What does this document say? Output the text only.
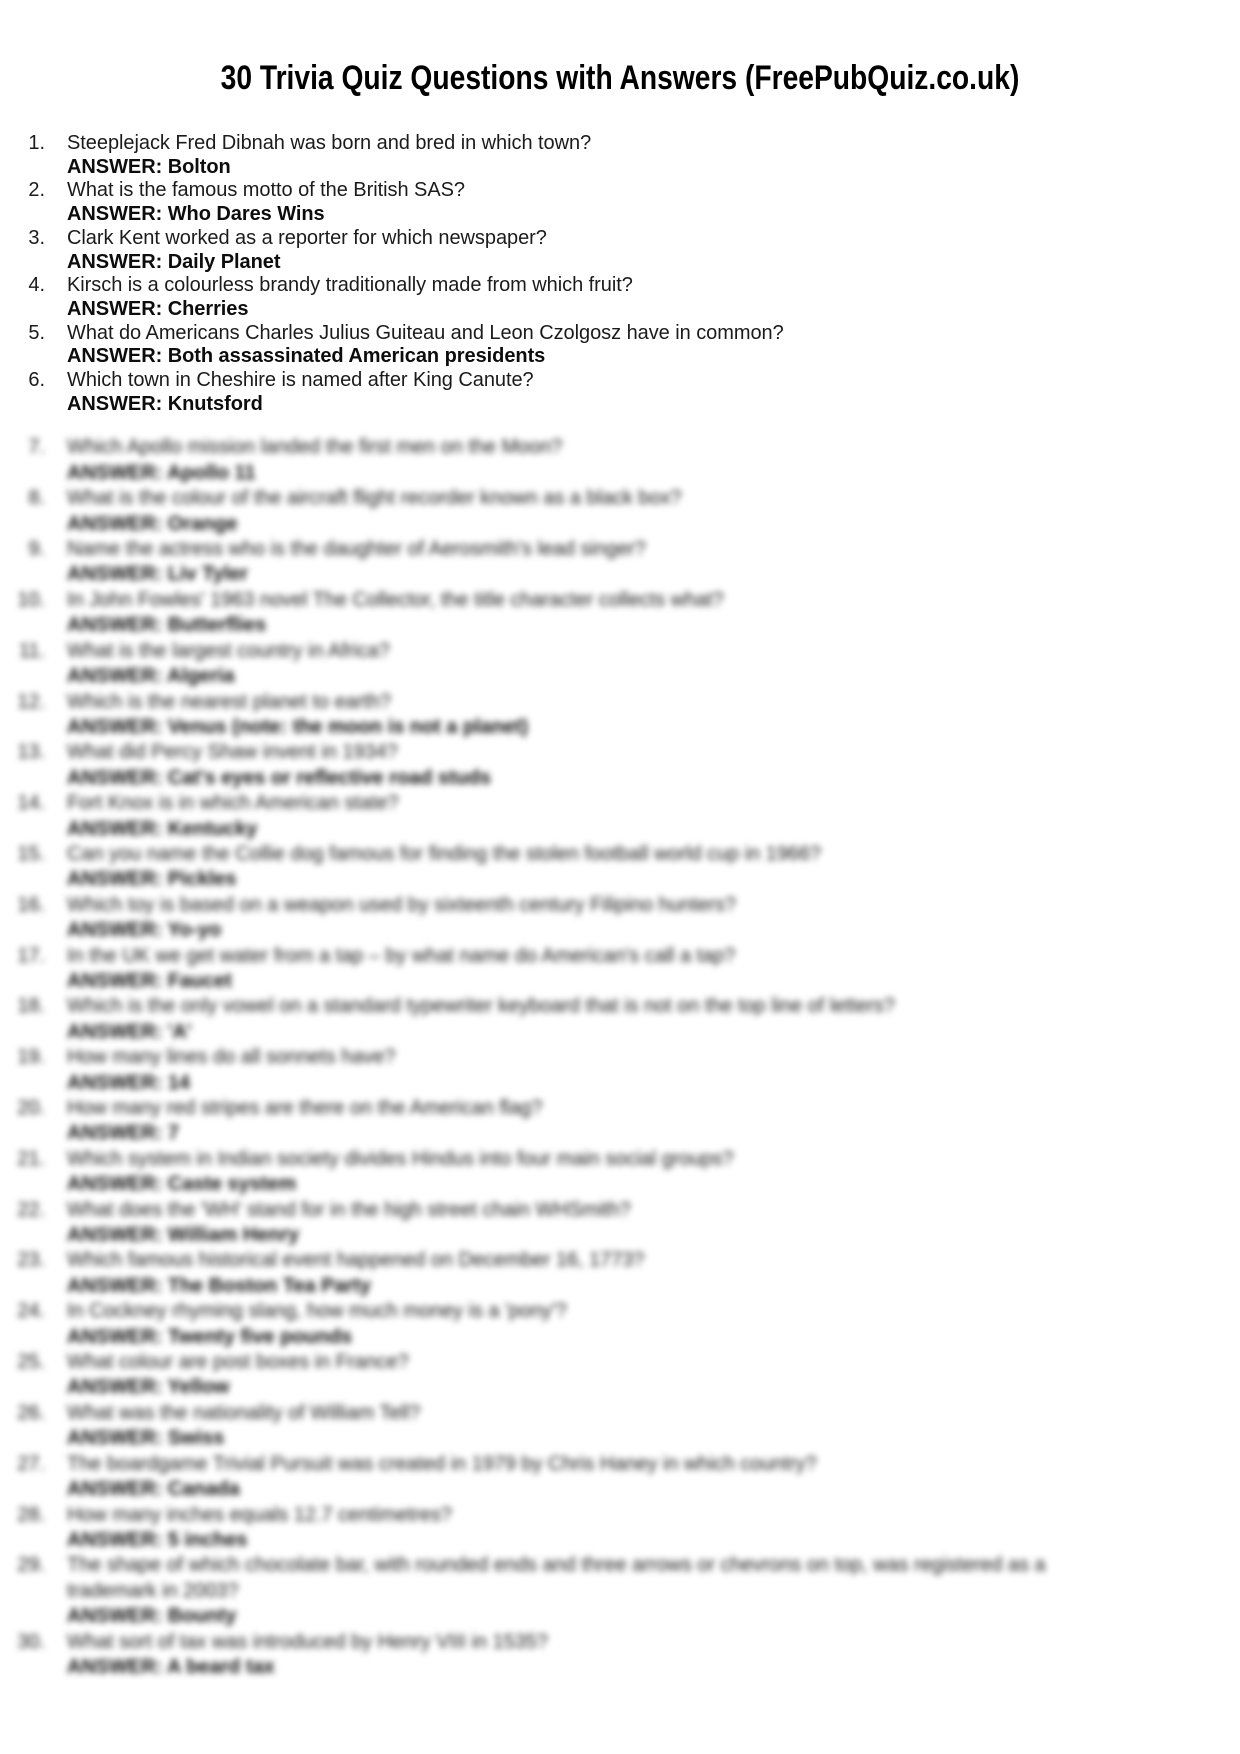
30 Trivia Quiz Questions with Answers (FreePubQuiz.co.uk)
1. Steeplejack Fred Dibnah was born and bred in which town?
ANSWER: Bolton
2. What is the famous motto of the British SAS?
ANSWER: Who Dares Wins
3. Clark Kent worked as a reporter for which newspaper?
ANSWER: Daily Planet
4. Kirsch is a colourless brandy traditionally made from which fruit?
ANSWER: Cherries
5. What do Americans Charles Julius Guiteau and Leon Czolgosz have in common?
ANSWER: Both assassinated American presidents
6. Which town in Cheshire is named after King Canute?
ANSWER: Knutsford
7. Which Apollo mission landed the first men on the Moon?
ANSWER: Apollo 11
8. What is the colour of the aircraft flight recorder known as a black box?
ANSWER: Orange
9. Name the actress who is the daughter of Aerosmith's lead singer?
ANSWER: Liv Tyler
10. In John Fowles' 1963 novel The Collector, the title character collects what?
ANSWER: Butterflies
11. What is the largest country in Africa?
ANSWER: Algeria
12. Which is the nearest planet to earth?
ANSWER: Venus (note: the moon is not a planet)
13. What did Percy Shaw invent in 1934?
ANSWER: Cat's eyes or reflective road studs
14. Fort Knox is in which American state?
ANSWER: Kentucky
15. Can you name the Collie dog famous for finding the stolen football world cup in 1966?
ANSWER: Pickles
16. Which toy is based on a weapon used by sixteenth century Filipino hunters?
ANSWER: Yo-yo
17. In the UK we get water from a tap – by what name do American's call a tap?
ANSWER: Faucet
18. Which is the only vowel on a standard typewriter keyboard that is not on the top line of letters?
ANSWER: 'A'
19. How many lines do all sonnets have?
ANSWER: 14
20. How many red stripes are there on the American flag?
ANSWER: 7
21. Which system in Indian society divides Hindus into four main social groups?
ANSWER: Caste system
22. What does the 'WH' stand for in the high street chain WHSmith?
ANSWER: William Henry
23. Which famous historical event happened on December 16, 1773?
ANSWER: The Boston Tea Party
24. In Cockney rhyming slang, how much money is a 'pony'?
ANSWER: Twenty five pounds
25. What colour are post boxes in France?
ANSWER: Yellow
26. What was the nationality of William Tell?
ANSWER: Swiss
27. The boardgame Trivial Pursuit was created in 1979 by Chris Haney in which country?
ANSWER: Canada
28. How many inches equals 12.7 centimetres?
ANSWER: 5 inches
29. The shape of which chocolate bar, with rounded ends and three arrows or chevrons on top, was registered as a trademark in 2003?
ANSWER: Bounty
30. What sort of tax was introduced by Henry VIII in 1535?
ANSWER: A beard tax
